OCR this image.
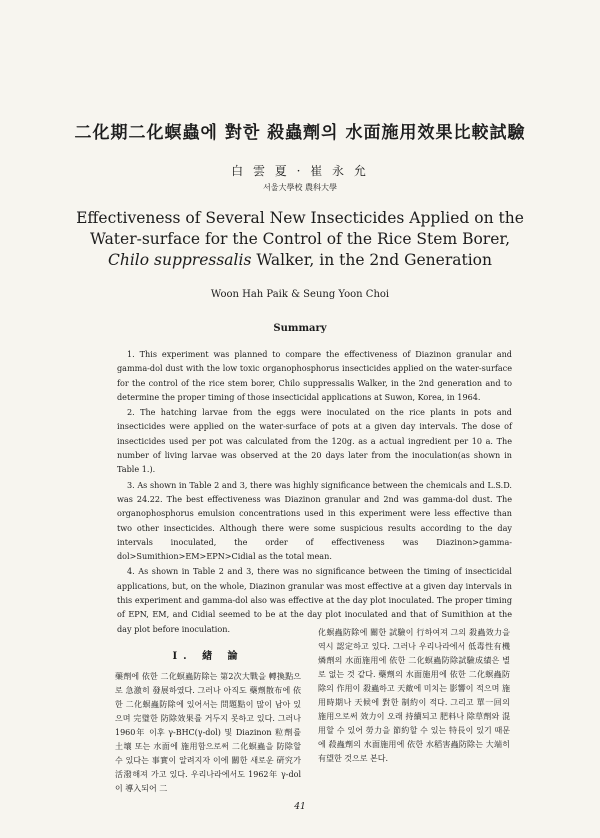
二化期二化螟蟲에 對한 殺蟲劑의 水面施用效果比較試驗
白 雲 夏 · 崔 永 允
서울大學校 農科大學
Effectiveness of Several New Insecticides Applied on the
Water-surface for the Control of the Rice Stem Borer,
Chilo suppressalis Walker, in the 2nd Generation
Woon Hah Paik & Seung Yoon Choi
Summary

1. This experiment was planned to compare the effectiveness of Diazinon granular and gamma-dol dust with the low toxic organophosphorus insecticides applied on the water-surface for the control of the rice stem borer, Chilo suppressalis Walker, in the 2nd generation and to determine the proper timing of those insecticidal applications at Suwon, Korea, in 1964.

2. The hatching larvae from the eggs were inoculated on the rice plants in pots and insecticides were applied on the water-surface of pots at a given day intervals. The dose of insecticides used per pot was calculated from the 120g. as a actual ingredient per 10 a. The number of living larvae was observed at the 20 days later from the inoculation(as shown in Table 1.).

3. As shown in Table 2 and 3, there was highly significance between the chemicals and L.S.D. was 24.22. The best effectiveness was Diazinon granular and 2nd was gamma-dol dust. The organophosphorus emulsion concentrations used in this experiment were less effective than two other insecticides. Although there were some suspicious results according to the day intervals inoculated, the order of effectiveness was Diazinon>gamma-dol>Sumithion>EM>EPN>Cidial as the total mean.

4. As shown in Table 2 and 3, there was no significance between the timing of insecticidal applications, but, on the whole, Diazinon granular was most effective at a given day intervals in this experiment and gamma-dol also was effective at the day plot inoculated. The proper timing of EPN, EM, and Cidial seemed to be at the day plot inoculated and that of Sumithion at the day plot before inoculation.

I. 緖 論

藥劑에 依한 二化螟蟲防除는 第2次大戰을 轉換點으로 急激히 發展하였다. 그러나 아직도 藥劑散布에 依한 二化螟蟲防除에 있어서는 問題點이 많이 남아 있으며 完璧한 防除效果를 거두지 못하고 있다. 그러나 1960年 이후 γ-BHC(γ-dol) 및 Diazinon 粒劑를 土壤 또는 水面에 施用함으로써 二化螟蟲을 防除할 수 있다는 事實이 알려지자 이에 關한 새로운 硏究가 活潑해져 가고 있다. 우리나라에서도 1962年 γ-dol이 導入되어 二

化螟蟲防除에 關한 試驗이 行하여져 그의 殺蟲效力을 역시 認定하고 있다. 그러나 우리나라에서 低毒性有機燐劑의 水面施用에 依한 二化螟蟲防除試驗成績은 별로 없는 것 같다. 藥劑의 水面施用에 依한 二化螟蟲防除의 作用이 殺蟲하고 天敵에 미치는 影響이 적으며 施用時期나 天候에 對한 制約이 적다. 그리고 單一回의 施用으로써 效力이 오래 持續되고 肥料나 除草劑와 混用할 수 있어 勞力을 節約할 수 있는 特長이 있기 때문에 殺蟲劑의 水面施用에 依한 水稻害蟲防除는 大端히 有望한 것으로 본다.

41
